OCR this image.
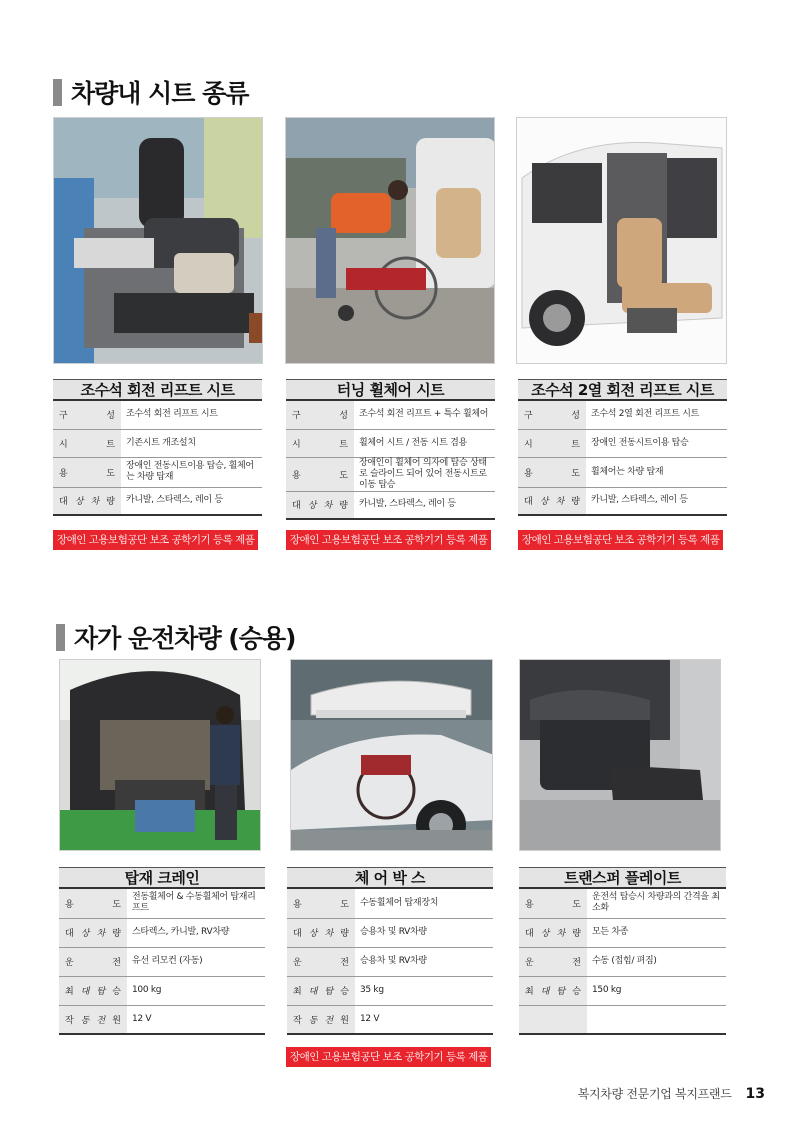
차량내 시트 종류
조수석 회전 리프트 시트
구 성	조수석 회전 리프트 시트

시 트	기존시트 개조설치

용 도	장애인 전동시트이용 탑승, 휠체어는 차량 탑재

대 상 차 량	카니발, 스타렉스, 레이 등
장애인 고용보험공단 보조 공학기기 등록 제품
터닝 휠체어 시트
구 성	조수석 회전 리프트 + 특수 휠체어

시 트	휠체어 시트 / 전동 시트 겸용

용 도	장애인이 휠체어 의자에 탑승 상태로 슬라이드 되어 있어 전동시트로 이동 탑승

대 상 차 량	카니발, 스타렉스, 레이 등
장애인 고용보험공단 보조 공학기기 등록 제품
조수석 2열 회전 리프트 시트
구 성	조수석 2열 회전 리프트 시트

시 트	장애인 전동시트이용 탑승

용 도	휠체어는 차량 탑재

대 상 차 량	카니발, 스타렉스, 레이 등
장애인 고용보험공단 보조 공학기기 등록 제품
자가 운전차량 (승용)
탑재 크레인
용 도	전동휠체어 & 수동휠체어 탑재리프트

대 상 차 량	스타렉스, 카니발, RV차량

운 전	유선 리모컨 (자동)

최 대 탑 승	100 kg

작 동 전 원	12 V
체 어 박 스
용 도	수동휠체어 탑재장치

대 상 차 량	승용차 및 RV차량

운 전	승용차 및 RV차량

최 대 탑 승	35 kg

작 동 전 원	12 V
장애인 고용보험공단 보조 공학기기 등록 제품
트랜스퍼 플레이트
용 도	운전석 탑승시 차량과의 간격을 최소화

대 상 차 량	모든 차종

운 전	수동 (접힘/ 펴짐)

최 대 탑 승	150 kg

복지차량 전문기업 복지프랜드 13
